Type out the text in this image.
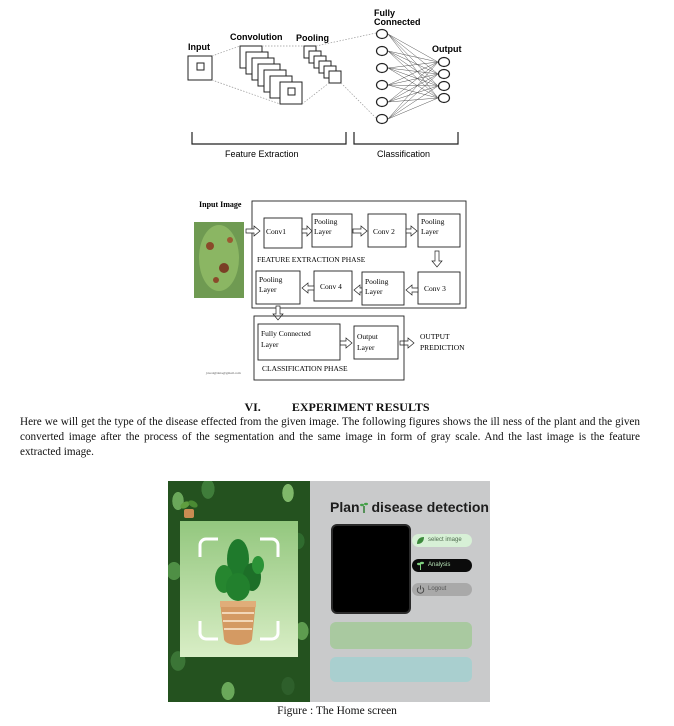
Input
Convolution Pooling
Fully
Connected
Output
Feature Extraction	Classification
Input Image
Conv1
Pooling
Layer	Conv 2
Pooling
Layer
FEATURE EXTRACTION PHASE
Pooling
Layer	Conv 4
Pooling
Layer	Conv 3
Fully Connected
Layer
Output
Layer
OUTPUT
PREDICTION
CLASSIFICATION PHASE
javed@data@gmail.com
VI.	EXPERIMENT RESULTS
Here we will get the type of the disease effected from the given image. The following figures shows the ill ness of the plant and the given converted image after the process of the segmentation and the same image in form of gray scale. And the last image is the feature extracted image.
Plan disease detection
select image
Analysis
Logout
Figure : The Home screen
